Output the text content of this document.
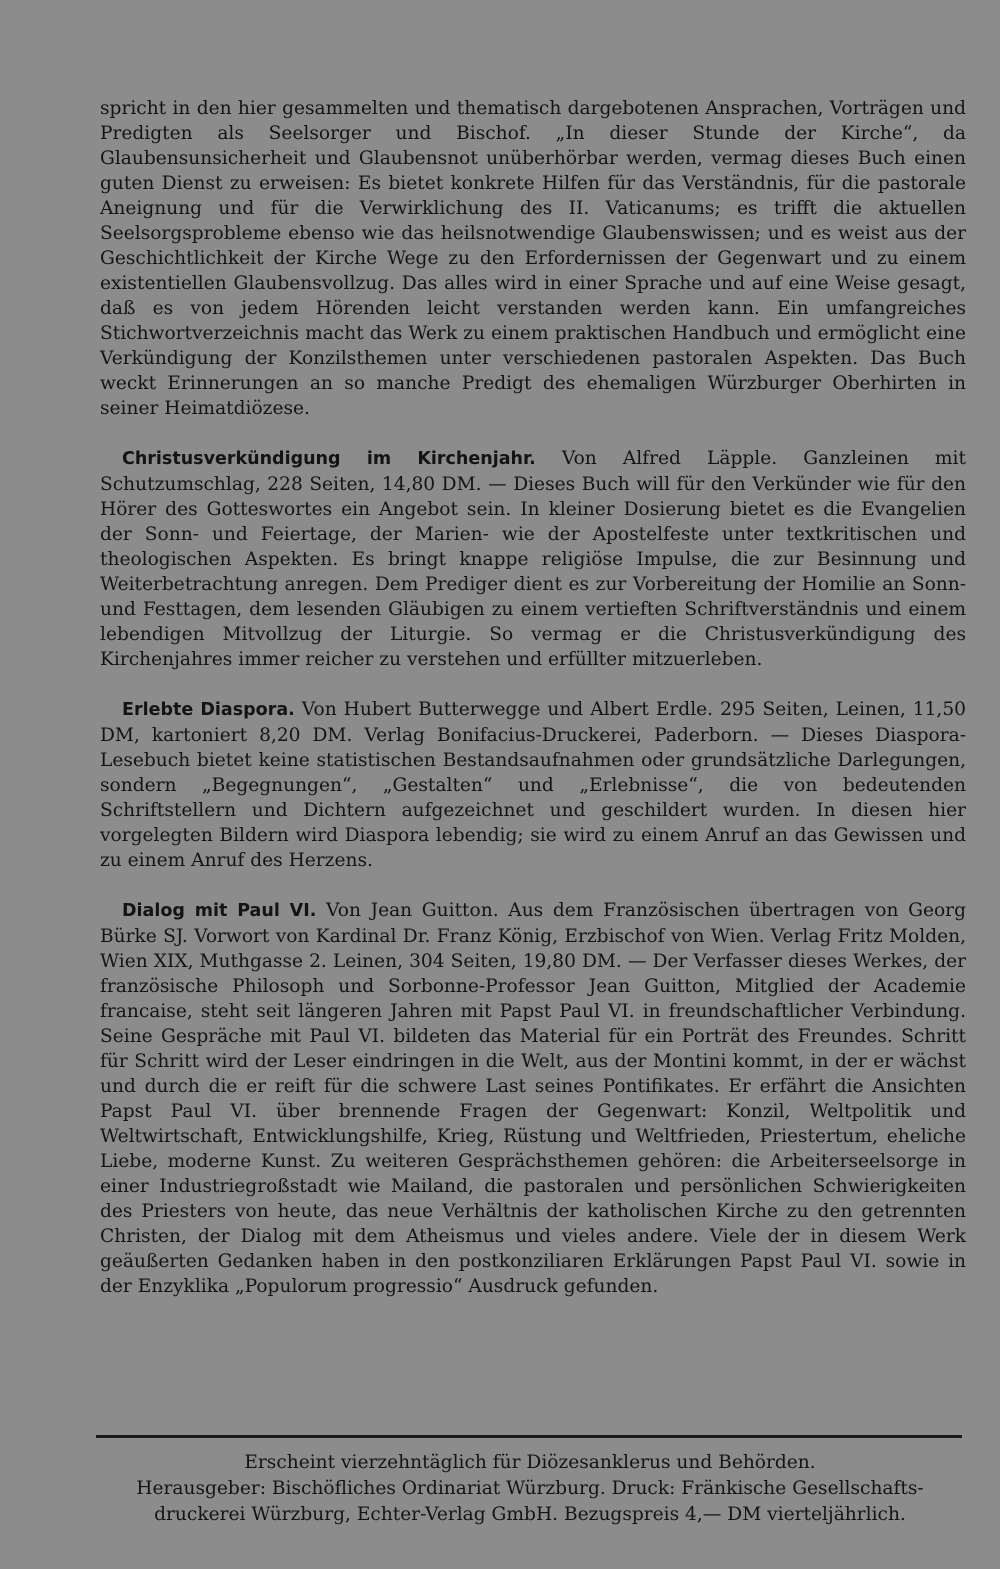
spricht in den hier gesammelten und thematisch dargebotenen Ansprachen, Vorträgen und Predigten als Seelsorger und Bischof. „In dieser Stunde der Kirche“, da Glaubensunsicherheit und Glaubensnot unüberhörbar werden, vermag dieses Buch einen guten Dienst zu erweisen: Es bietet konkrete Hilfen für das Verständnis, für die pastorale Aneignung und für die Verwirklichung des II. Vaticanums; es trifft die aktuellen Seelsorgsprobleme ebenso wie das heilsnotwendige Glaubenswissen; und es weist aus der Geschichtlichkeit der Kirche Wege zu den Erfordernissen der Gegenwart und zu einem existentiellen Glaubensvollzug. Das alles wird in einer Sprache und auf eine Weise gesagt, daß es von jedem Hörenden leicht verstanden werden kann. Ein umfangreiches Stichwortverzeichnis macht das Werk zu einem praktischen Handbuch und ermöglicht eine Verkündigung der Konzilsthemen unter verschiedenen pastoralen Aspekten. Das Buch weckt Erinnerungen an so manche Predigt des ehemaligen Würzburger Oberhirten in seiner Heimatdiözese.

Christusverkündigung im Kirchenjahr. Von Alfred Läpple. Ganzleinen mit Schutzumschlag, 228 Seiten, 14,80 DM. — Dieses Buch will für den Verkünder wie für den Hörer des Gotteswortes ein Angebot sein. In kleiner Dosierung bietet es die Evangelien der Sonn- und Feiertage, der Marien- wie der Apostelfeste unter textkritischen und theologischen Aspekten. Es bringt knappe religiöse Impulse, die zur Besinnung und Weiterbetrachtung anregen. Dem Prediger dient es zur Vorbereitung der Homilie an Sonn- und Festtagen, dem lesenden Gläubigen zu einem vertieften Schriftverständnis und einem lebendigen Mitvollzug der Liturgie. So vermag er die Christusverkündigung des Kirchenjahres immer reicher zu verstehen und erfüllter mitzuerleben.

Erlebte Diaspora. Von Hubert Butterwegge und Albert Erdle. 295 Seiten, Leinen, 11,50 DM, kartoniert 8,20 DM. Verlag Bonifacius-Druckerei, Paderborn. — Dieses Diaspora-Lesebuch bietet keine statistischen Bestandsaufnahmen oder grundsätzliche Darlegungen, sondern „Begegnungen“, „Gestalten“ und „Erlebnisse“, die von bedeutenden Schriftstellern und Dichtern aufgezeichnet und geschildert wurden. In diesen hier vorgelegten Bildern wird Diaspora lebendig; sie wird zu einem Anruf an das Gewissen und zu einem Anruf des Herzens.

Dialog mit Paul VI. Von Jean Guitton. Aus dem Französischen übertragen von Georg Bürke SJ. Vorwort von Kardinal Dr. Franz König, Erzbischof von Wien. Verlag Fritz Molden, Wien XIX, Muthgasse 2. Leinen, 304 Seiten, 19,80 DM. — Der Verfasser dieses Werkes, der französische Philosoph und Sorbonne-Professor Jean Guitton, Mitglied der Academie francaise, steht seit längeren Jahren mit Papst Paul VI. in freundschaftlicher Verbindung. Seine Gespräche mit Paul VI. bildeten das Material für ein Porträt des Freundes. Schritt für Schritt wird der Leser eindringen in die Welt, aus der Montini kommt, in der er wächst und durch die er reift für die schwere Last seines Pontifikates. Er erfährt die Ansichten Papst Paul VI. über brennende Fragen der Gegenwart: Konzil, Weltpolitik und Weltwirtschaft, Entwicklungshilfe, Krieg, Rüstung und Weltfrieden, Priestertum, eheliche Liebe, moderne Kunst. Zu weiteren Gesprächsthemen gehören: die Arbeiterseelsorge in einer Industriegroßstadt wie Mailand, die pastoralen und persönlichen Schwierigkeiten des Priesters von heute, das neue Verhältnis der katholischen Kirche zu den getrennten Christen, der Dialog mit dem Atheismus und vieles andere. Viele der in diesem Werk geäußerten Gedanken haben in den postkonziliaren Erklärungen Papst Paul VI. sowie in der Enzyklika „Populorum progressio“ Ausdruck gefunden.

Erscheint vierzehntäglich für Diözesanklerus und Behörden.
Herausgeber: Bischöfliches Ordinariat Würzburg. Druck: Fränkische Gesellschafts-
druckerei Würzburg, Echter-Verlag GmbH. Bezugspreis 4,— DM vierteljährlich.
